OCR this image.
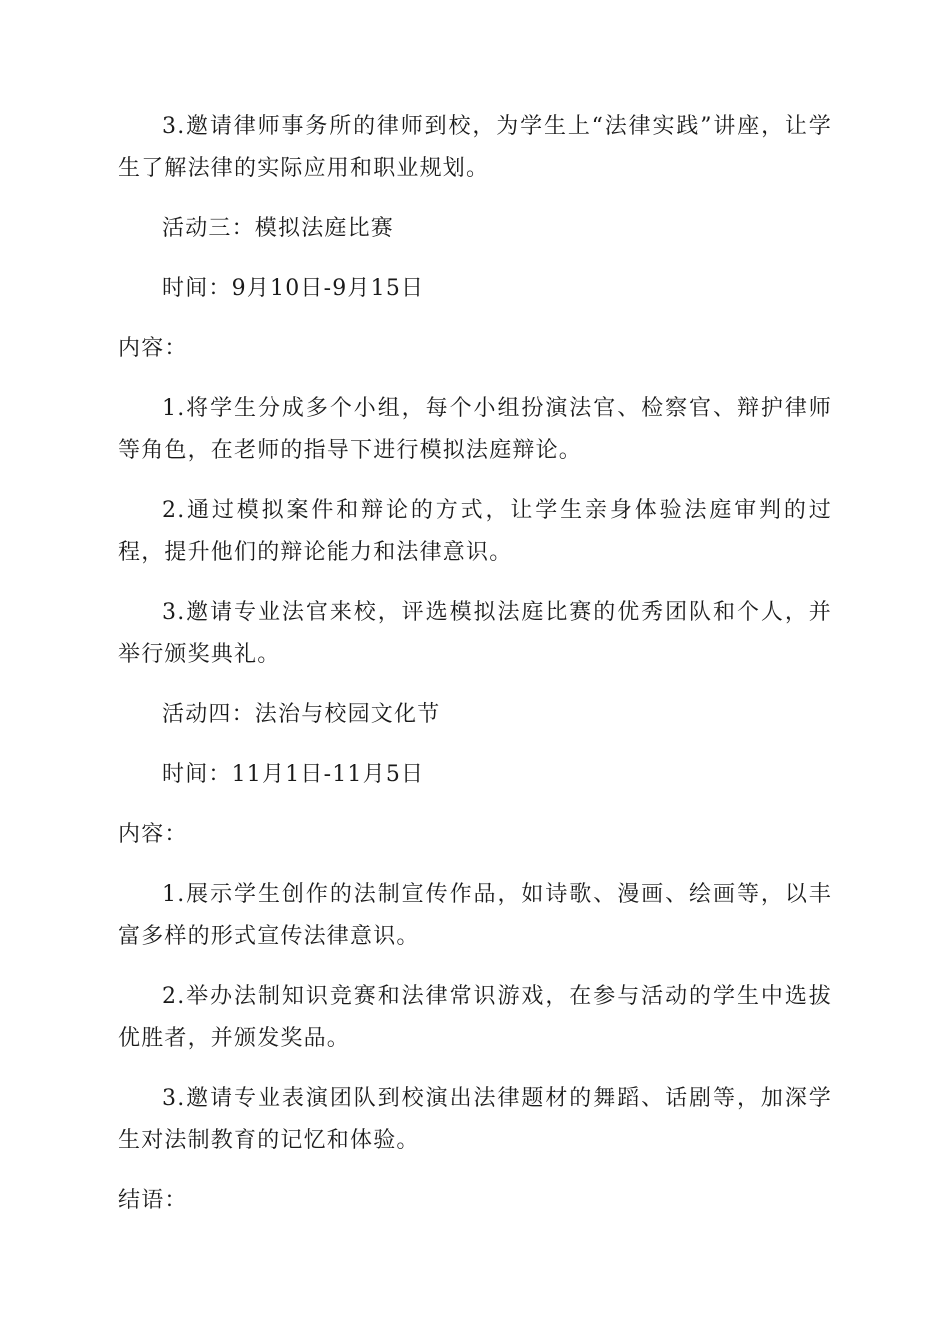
3.邀请律师事务所的律师到校，为学生上“法律实践”讲座，让学生了解法律的实际应用和职业规划。

活动三：模拟法庭比赛

时间：9月10日-9月15日

内容：

1.将学生分成多个小组，每个小组扮演法官、检察官、辩护律师等角色，在老师的指导下进行模拟法庭辩论。

2.通过模拟案件和辩论的方式，让学生亲身体验法庭审判的过程，提升他们的辩论能力和法律意识。

3.邀请专业法官来校，评选模拟法庭比赛的优秀团队和个人，并举行颁奖典礼。

活动四：法治与校园文化节

时间：11月1日-11月5日

内容：

1.展示学生创作的法制宣传作品，如诗歌、漫画、绘画等，以丰富多样的形式宣传法律意识。

2.举办法制知识竞赛和法律常识游戏，在参与活动的学生中选拔优胜者，并颁发奖品。

3.邀请专业表演团队到校演出法律题材的舞蹈、话剧等，加深学生对法制教育的记忆和体验。

结语：
